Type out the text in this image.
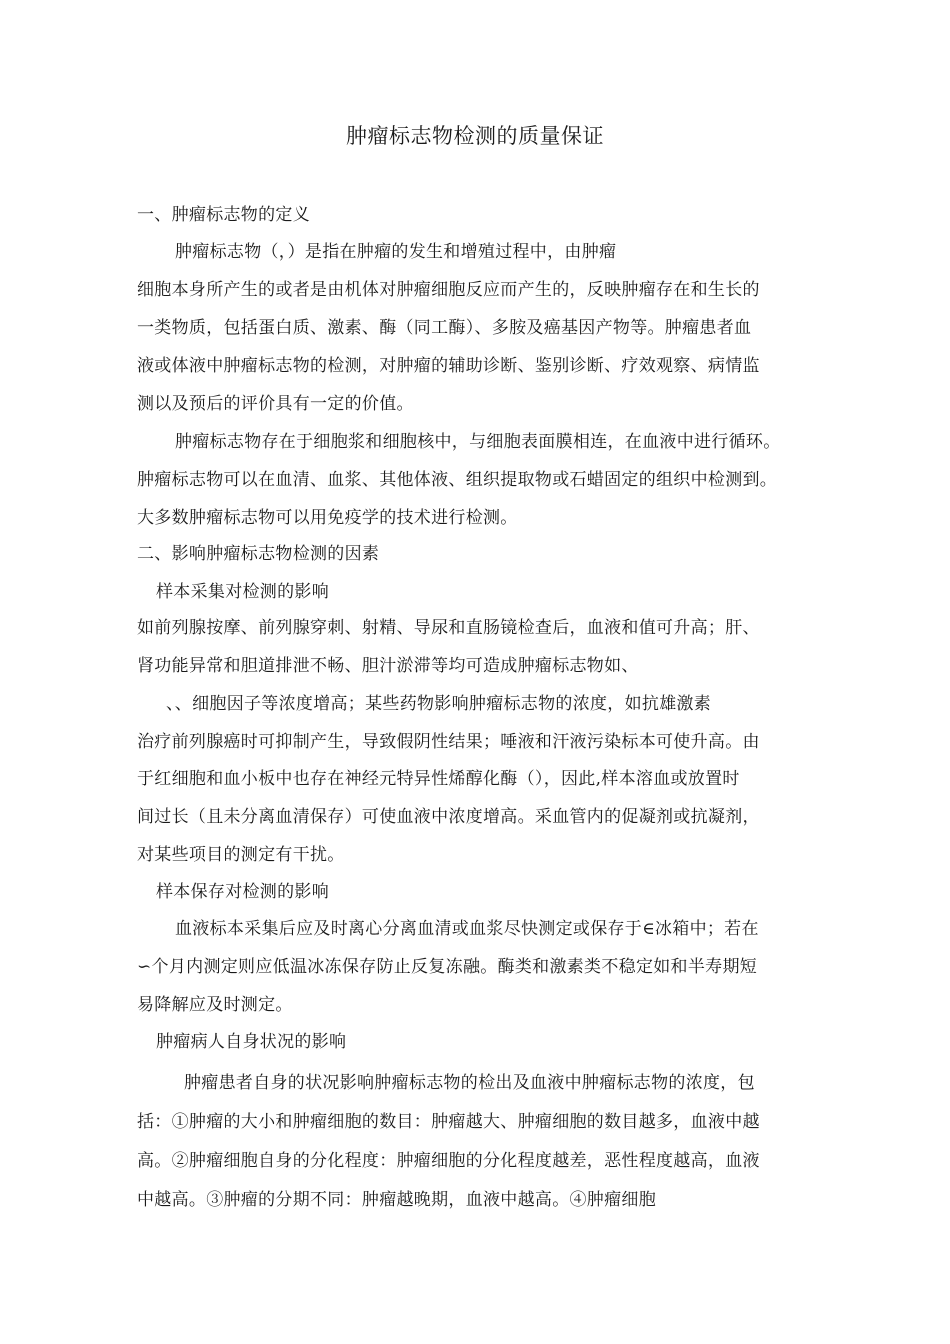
肿瘤标志物检测的质量保证
一、肿瘤标志物的定义
肿瘤标志物（，）是指在肿瘤的发生和增殖过程中，由肿瘤
细胞本身所产生的或者是由机体对肿瘤细胞反应而产生的，反映肿瘤存在和生长的
一类物质，包括蛋白质、激素、酶（同工酶）、多胺及癌基因产物等。肿瘤患者血
液或体液中肿瘤标志物的检测，对肿瘤的辅助诊断、鉴别诊断、疗效观察、病情监
测以及预后的评价具有一定的价值。
肿瘤标志物存在于细胞浆和细胞核中，与细胞表面膜相连，在血液中进行循环。
肿瘤标志物可以在血清、血浆、其他体液、组织提取物或石蜡固定的组织中检测到。
大多数肿瘤标志物可以用免疫学的技术进行检测。
二、影响肿瘤标志物检测的因素
样本采集对检测的影响
如前列腺按摩、前列腺穿刺、射精、导尿和直肠镜检查后，血液和值可升高；肝、
肾功能异常和胆道排泄不畅、胆汁淤滞等均可造成肿瘤标志物如、
、、细胞因子等浓度增高；某些药物影响肿瘤标志物的浓度，如抗雄激素
治疗前列腺癌时可抑制产生，导致假阴性结果；唾液和汗液污染标本可使升高。由
于红细胞和血小板中也存在神经元特异性烯醇化酶（），因此,样本溶血或放置时
间过长（且未分离血清保存）可使血液中浓度增高。采血管内的促凝剂或抗凝剂，
对某些项目的测定有干扰。
样本保存对检测的影响
血液标本采集后应及时离心分离血清或血浆尽快测定或保存于∈冰箱中；若在
∽个月内测定则应低温冰冻保存防止反复冻融。酶类和激素类不稳定如和半寿期短
易降解应及时测定。
肿瘤病人自身状况的影响
肿瘤患者自身的状况影响肿瘤标志物的检出及血液中肿瘤标志物的浓度，包
括：①肿瘤的大小和肿瘤细胞的数目：肿瘤越大、肿瘤细胞的数目越多，血液中越
高。②肿瘤细胞自身的分化程度：肿瘤细胞的分化程度越差，恶性程度越高，血液
中越高。③肿瘤的分期不同：肿瘤越晚期，血液中越高。④肿瘤细胞
